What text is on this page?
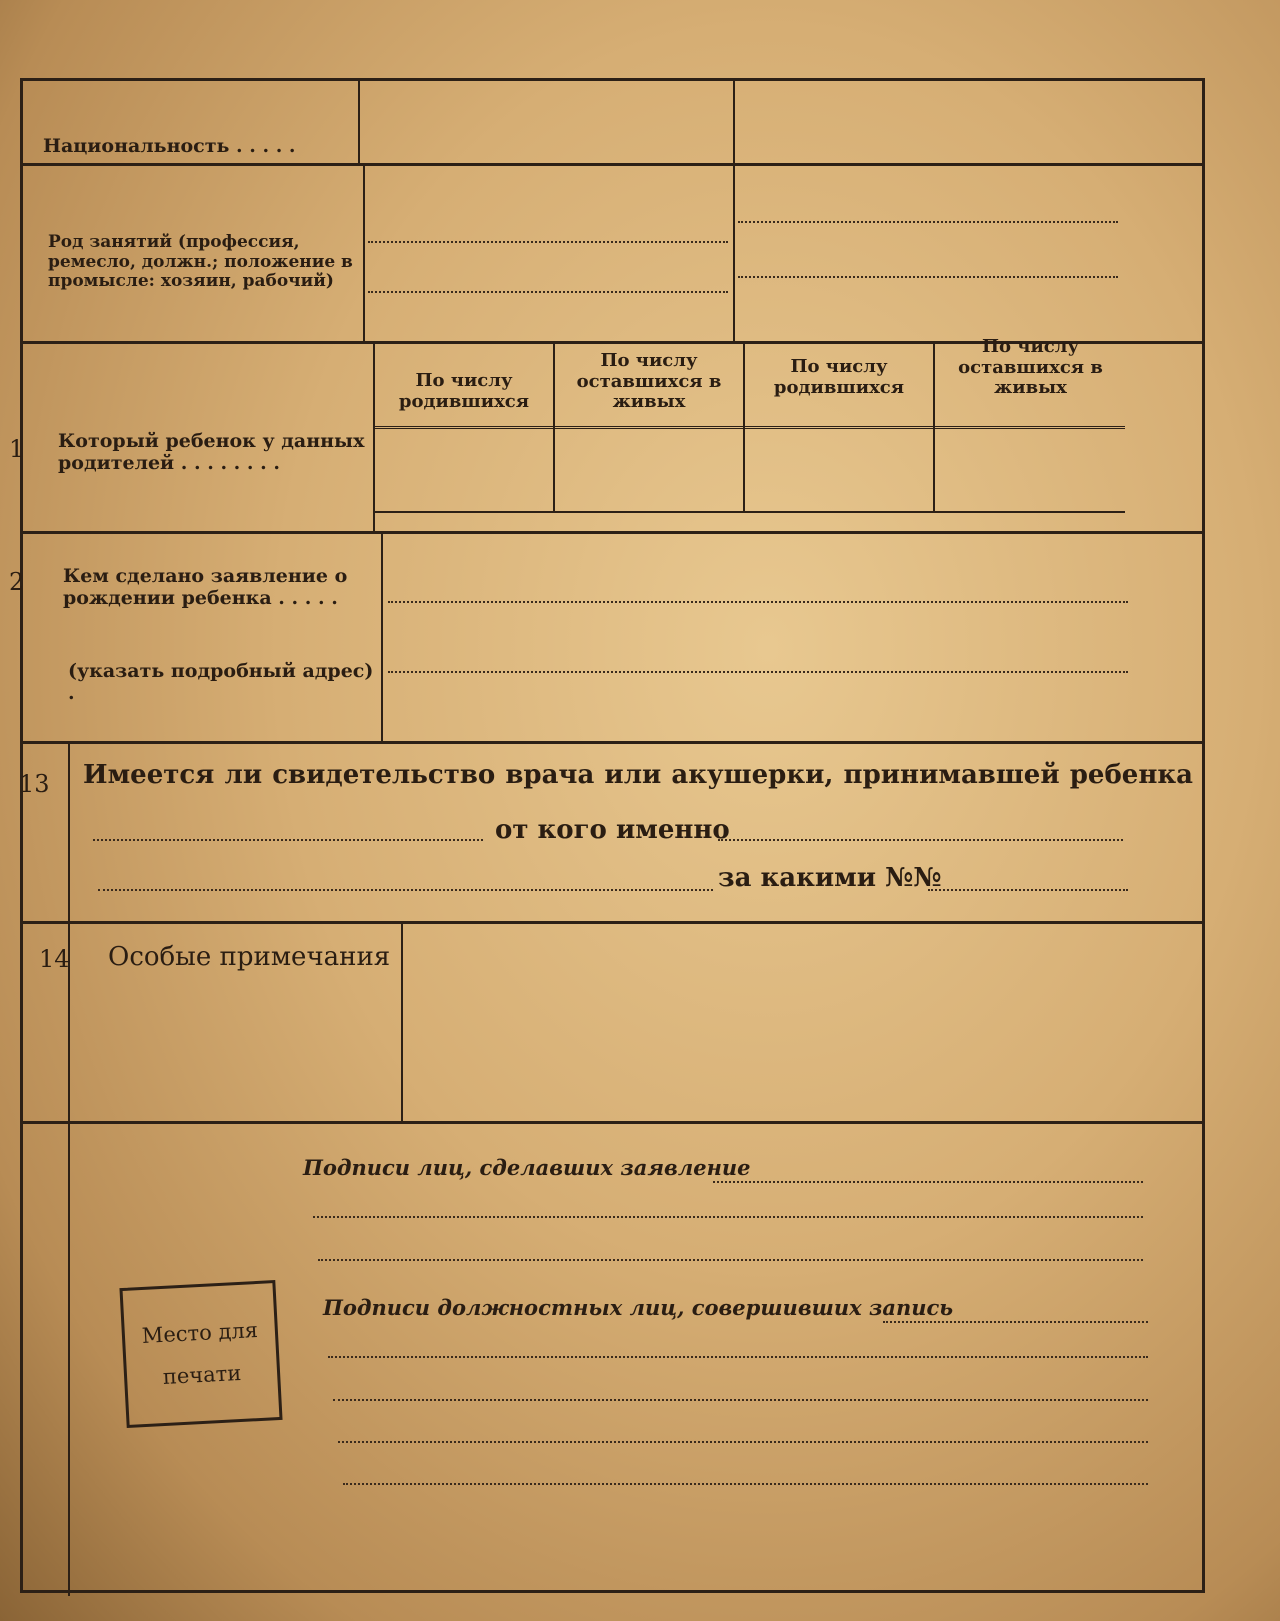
Национальность . . . . .

Род занятий (профессия, ремесло, должн.; положение в промысле: хозяин, рабочий)

По числу родившихся

По числу оставшихся в живых

По числу родившихся

По числу оставшихся в живых

1 Который ребенок у данных родителей . . . . . . . .

2 Кем сделано заявление о рождении ребенка . . . . .

(указать подробный адрес) .

13 Имеется ли свидетельство врача или акушерки, принимавшей ребенка

от кого именно

за какими №№

14 Особые примечания

Подписи лиц, сделавших заявление

Подписи должностных лиц, совершивших запись

Место для
печати
